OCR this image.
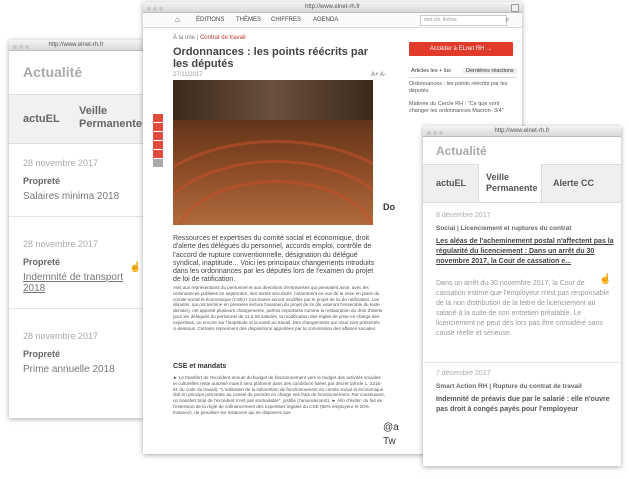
http://www.elnet-rh.fr
Actualité
actuEL
Veille Permanente
28 novembre 2017
Propreté
Salaires minima 2018
28 novembre 2017
Propreté
Indemnité de transport 2018
28 novembre 2017
Propreté
Prime annuelle 2018
☝
http://www.elnet-rh.fr
⌂	ÉDITIONS THÈMES CHIFFRES AGENDA	mot clé, thème	⌕
À la une | Contrat de travail
Ordonnances : les points réécrits par les députés
27/11/2017	A+ A-
Ressources et expertises du comité social et économique, droit d'alerte des délégués du personnel, accords emploi, contrôle de l'accord de rupture conventionnelle, désignation du délégué syndical, inaptitude... Voici les principaux changements introduits dans les ordonnances par les députés lors de l'examen du projet de loi de ratification.
Avis aux représentants du personnel et aux directions d'entreprises qui pensaient avoir, avec les ordonnances publiées en septembre, des textes sécurisés, notamment en vue de la mise en place du comité social et économique (CSE) ! Ces textes seront modifiés par le projet de loi de ratification. Les députés, qui ont terminé en première lecture l'examen du projet de loi (ils voteront l'ensemble du texte demain), ont apporté plusieurs changements, parfois importants comme la restauration du droit d'alerte pour les délégués du personnel de 11 à 50 salariés, la modification des règles de prise en charge des expertises, ou encore sur l'inaptitude et la santé au travail. Des changements qui nous sont présentés ci-dessous. Certains reprennent des dispositions apportées par la commission des affaires sociales.
CSE et mandats
► Le transfert de l'excédent annuel du budget de fonctionnement vers le budget des activités sociales et culturelles reste autorisé mais il sera plafonné dans des conditions fixées par décret (article L. 2315-61 du code du travail). "L'utilisation de la subvention de fonctionnement du comité social et économique doit en principe permettre au comité de prendre en charge ses frais de fonctionnement. Par conséquent, un transfert total de l'excédent n'est pas souhaitable", justifie (l'amendement). ► Afin d'éviter, du fait de l'extension de la règle de cofinancement des expertises légales du CSE (80% employeur et 20% instance), de pénaliser les instances qui ne disposent que
Accéder à ELnet RH →
Articles les + lus	Dernières réactions
Ordonnances : les points réécrits par les députés
Matinée du Cercle RH : "Ce que vont changer les ordonnances Macron- 3/4"
Do
@a
Tw
http://www.elnet-rh.fr
Actualité
actuEL
Veille Permanente	Alerte CC
8 décembre 2017
Social | Licenciement et ruptures du contrat
Les aléas de l'acheminement postal n'affectent pas la régularité du licenciement : Dans un arrêt du 30 novembre 2017, la Cour de cassation e...
Dans un arrêt du 30 novembre 2017, la Cour de cassation estime que l'employeur n'est pas responsable de la non distribution de la lettre de licenciement au salarié à la suite de son entretien préalable. Le licenciement ne peut dès lors pas être considéré sans cause réelle et sérieuse.
7 décembre 2017
Smart Action RH | Rupture du contrat de travail
Indemnité de préavis due par le salarié : elle n'ouvre pas droit à congés payés pour l'employeur
☝
